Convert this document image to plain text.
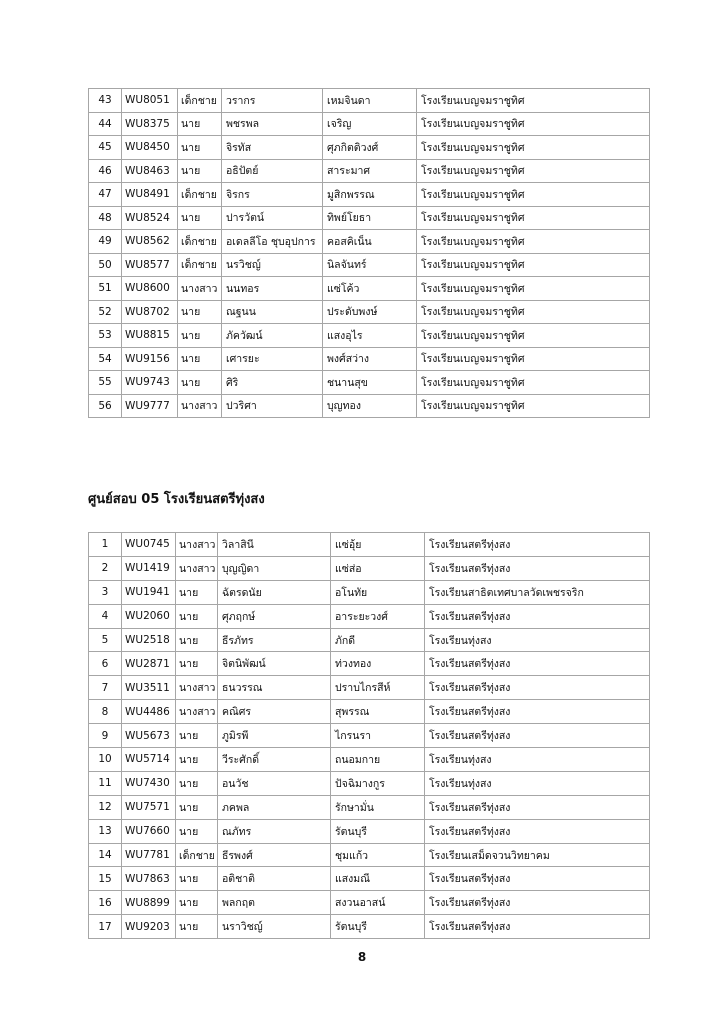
43	WU8051	เด็กชาย	วรากร	เหมจินดา	โรงเรียนเบญจมราชูทิศ
44	WU8375	นาย	พชรพล	เจริญ	โรงเรียนเบญจมราชูทิศ
45	WU8450	นาย	จิรทัส	ศุภกิตติวงศ์	โรงเรียนเบญจมราชูทิศ
46	WU8463	นาย	อธิปัตย์	สาระมาศ	โรงเรียนเบญจมราชูทิศ
47	WU8491	เด็กชาย	จิรกร	มูสิกพรรณ	โรงเรียนเบญจมราชูทิศ
48	WU8524	นาย	ปารวัตน์	ทิพย์โยธา	โรงเรียนเบญจมราชูทิศ
49	WU8562	เด็กชาย	อเดลลีโอ ชุบอุปการ	คอสคิเน็น	โรงเรียนเบญจมราชูทิศ
50	WU8577	เด็กชาย	นรวิชญ์	นิลจันทร์	โรงเรียนเบญจมราชูทิศ
51	WU8600	นางสาว	นนทอร	แซ่โค้ว	โรงเรียนเบญจมราชูทิศ
52	WU8702	นาย	ณฐนน	ประดับพงษ์	โรงเรียนเบญจมราชูทิศ
53	WU8815	นาย	ภัควัฒน์	แสงอุไร	โรงเรียนเบญจมราชูทิศ
54	WU9156	นาย	เศารยะ	พงศ์สว่าง	โรงเรียนเบญจมราชูทิศ
55	WU9743	นาย	ศิริ	ชนานสุข	โรงเรียนเบญจมราชูทิศ
56	WU9777	นางสาว	ปวริศา	บุญทอง	โรงเรียนเบญจมราชูทิศ
ศูนย์สอบ 05 โรงเรียนสตรีทุ่งสง
1	WU0745	นางสาว	วิลาสินี	แซ่อุ้ย	โรงเรียนสตรีทุ่งสง
2	WU1419	นางสาว	บุญญิดา	แซ่ส่อ	โรงเรียนสตรีทุ่งสง
3	WU1941	นาย	ฉัตรดนัย	อโนทัย	โรงเรียนสาธิตเทศบาลวัดเพชรจริก
4	WU2060	นาย	ศุภฤกษ์	อาระยะวงศ์	โรงเรียนสตรีทุ่งสง
5	WU2518	นาย	ธีรภัทร	ภักดี	โรงเรียนทุ่งสง
6	WU2871	นาย	จิตนิพัฒน์	ท่วงทอง	โรงเรียนสตรีทุ่งสง
7	WU3511	นางสาว	ธนวรรณ	ปราบไกรสีห์	โรงเรียนสตรีทุ่งสง
8	WU4486	นางสาว	คณิศร	สุพรรณ	โรงเรียนสตรีทุ่งสง
9	WU5673	นาย	ภูมิรพี	ไกรนรา	โรงเรียนสตรีทุ่งสง
10	WU5714	นาย	วีระศักดิ์	ถนอมกาย	โรงเรียนทุ่งสง
11	WU7430	นาย	อนวัช	ปัจฉิมางกูร	โรงเรียนทุ่งสง
12	WU7571	นาย	ภคพล	รักษามั่น	โรงเรียนสตรีทุ่งสง
13	WU7660	นาย	ณภัทร	รัตนบุรี	โรงเรียนสตรีทุ่งสง
14	WU7781	เด็กชาย	ธีรพงศ์	ชุมแก้ว	โรงเรียนเสม็ดจวนวิทยาคม
15	WU7863	นาย	อติชาติ	แสงมณี	โรงเรียนสตรีทุ่งสง
16	WU8899	นาย	พลกฤต	สงวนอาสน์	โรงเรียนสตรีทุ่งสง
17	WU9203	นาย	นราวิชญ์	รัตนบุรี	โรงเรียนสตรีทุ่งสง
8
